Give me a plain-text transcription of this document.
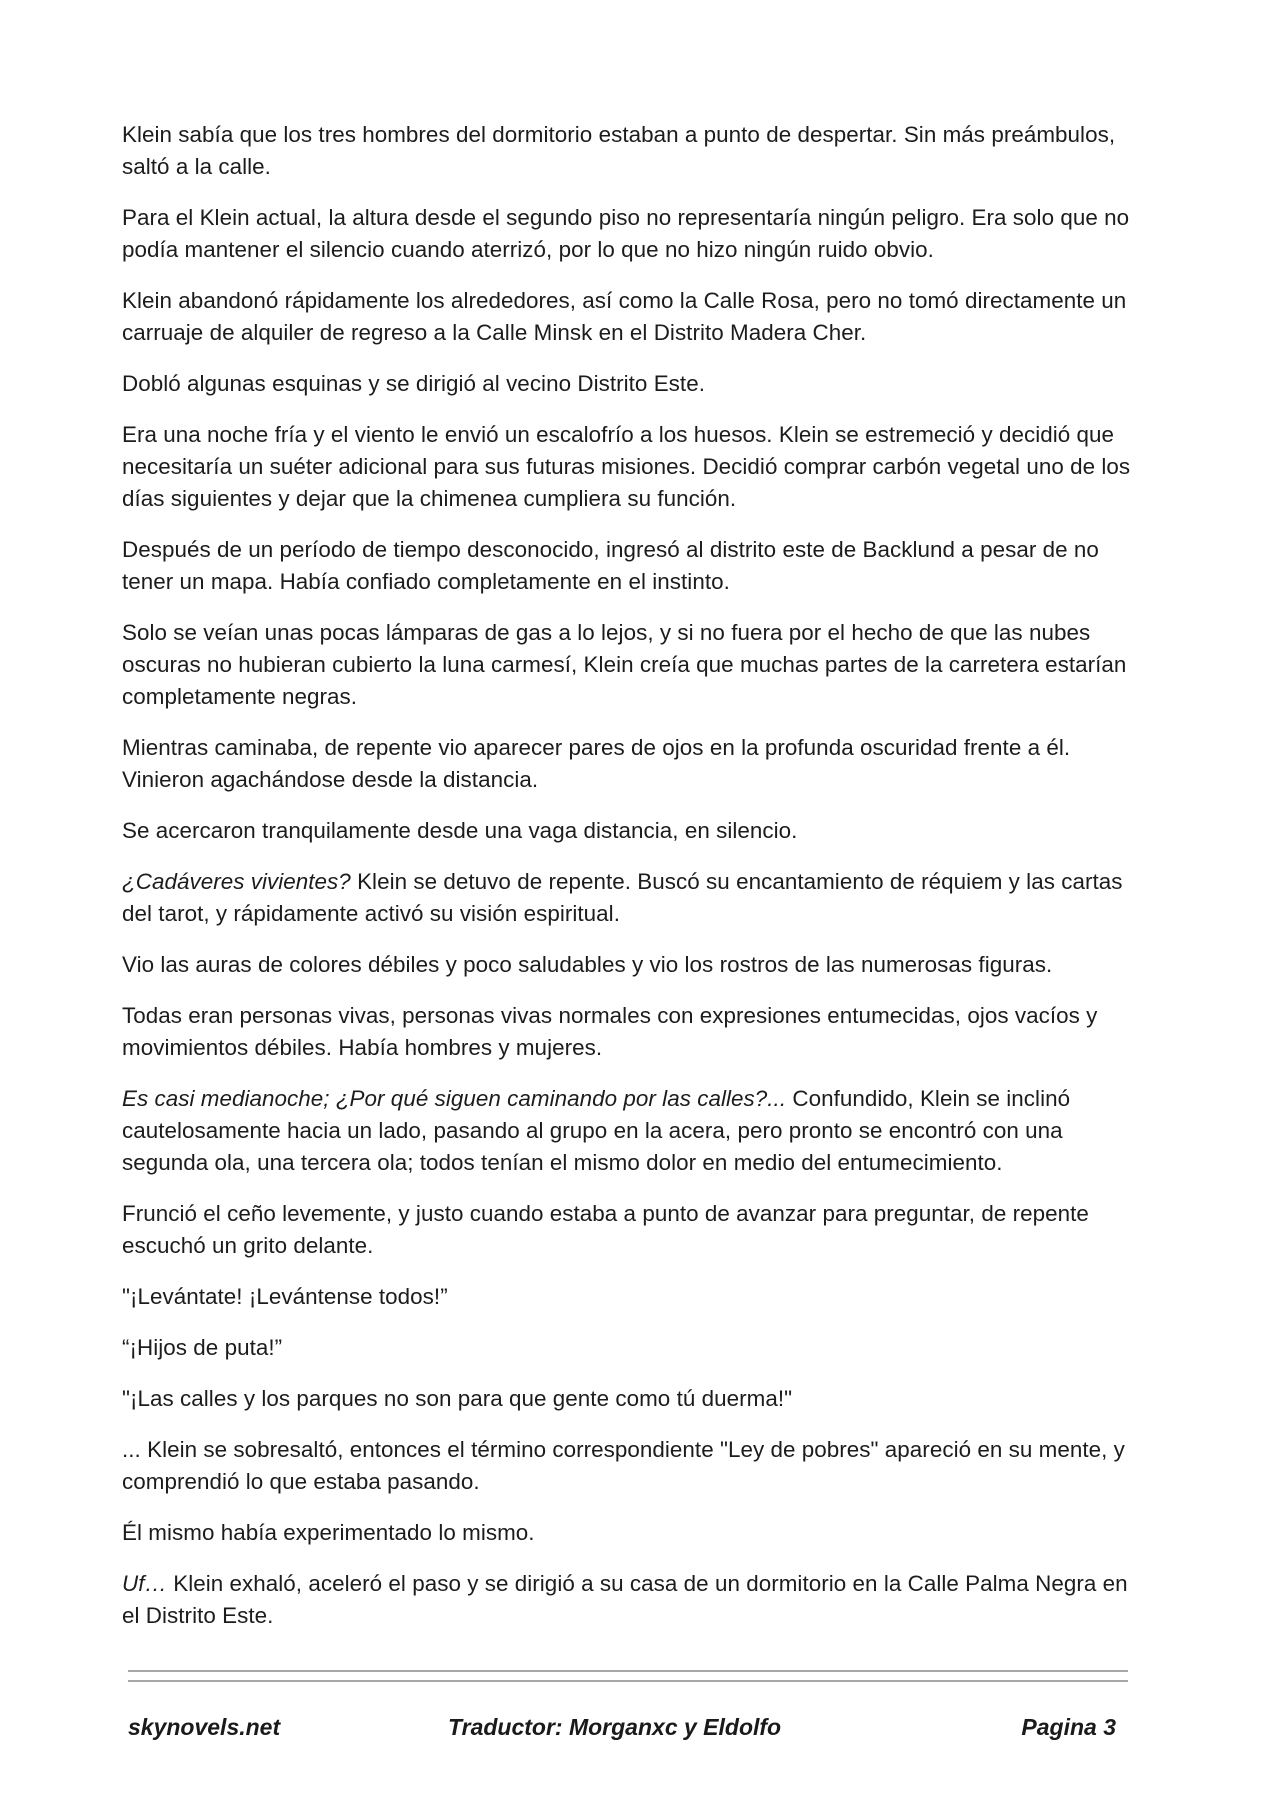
Klein sabía que los tres hombres del dormitorio estaban a punto de despertar. Sin más preámbulos, saltó a la calle.

Para el Klein actual, la altura desde el segundo piso no representaría ningún peligro. Era solo que no podía mantener el silencio cuando aterrizó, por lo que no hizo ningún ruido obvio.

Klein abandonó rápidamente los alrededores, así como la Calle Rosa, pero no tomó directamente un carruaje de alquiler de regreso a la Calle Minsk en el Distrito Madera Cher.

Dobló algunas esquinas y se dirigió al vecino Distrito Este.

Era una noche fría y el viento le envió un escalofrío a los huesos. Klein se estremeció y decidió que necesitaría un suéter adicional para sus futuras misiones. Decidió comprar carbón vegetal uno de los días siguientes y dejar que la chimenea cumpliera su función.

Después de un período de tiempo desconocido, ingresó al distrito este de Backlund a pesar de no tener un mapa. Había confiado completamente en el instinto.

Solo se veían unas pocas lámparas de gas a lo lejos, y si no fuera por el hecho de que las nubes oscuras no hubieran cubierto la luna carmesí, Klein creía que muchas partes de la carretera estarían completamente negras.

Mientras caminaba, de repente vio aparecer pares de ojos en la profunda oscuridad frente a él. Vinieron agachándose desde la distancia.

Se acercaron tranquilamente desde una vaga distancia, en silencio.

¿Cadáveres vivientes? Klein se detuvo de repente. Buscó su encantamiento de réquiem y las cartas del tarot, y rápidamente activó su visión espiritual.

Vio las auras de colores débiles y poco saludables y vio los rostros de las numerosas figuras.

Todas eran personas vivas, personas vivas normales con expresiones entumecidas, ojos vacíos y movimientos débiles. Había hombres y mujeres.

Es casi medianoche; ¿Por qué siguen caminando por las calles?... Confundido, Klein se inclinó cautelosamente hacia un lado, pasando al grupo en la acera, pero pronto se encontró con una segunda ola, una tercera ola; todos tenían el mismo dolor en medio del entumecimiento.

Frunció el ceño levemente, y justo cuando estaba a punto de avanzar para preguntar, de repente escuchó un grito delante.

"¡Levántate! ¡Levántense todos!”

“¡Hijos de puta!”

"¡Las calles y los parques no son para que gente como tú duerma!"

... Klein se sobresaltó, entonces el término correspondiente "Ley de pobres" apareció en su mente, y comprendió lo que estaba pasando.

Él mismo había experimentado lo mismo.

Uf… Klein exhaló, aceleró el paso y se dirigió a su casa de un dormitorio en la Calle Palma Negra en el Distrito Este.

skynovels.net	Traductor: Morganxc y Eldolfo	Pagina 3
